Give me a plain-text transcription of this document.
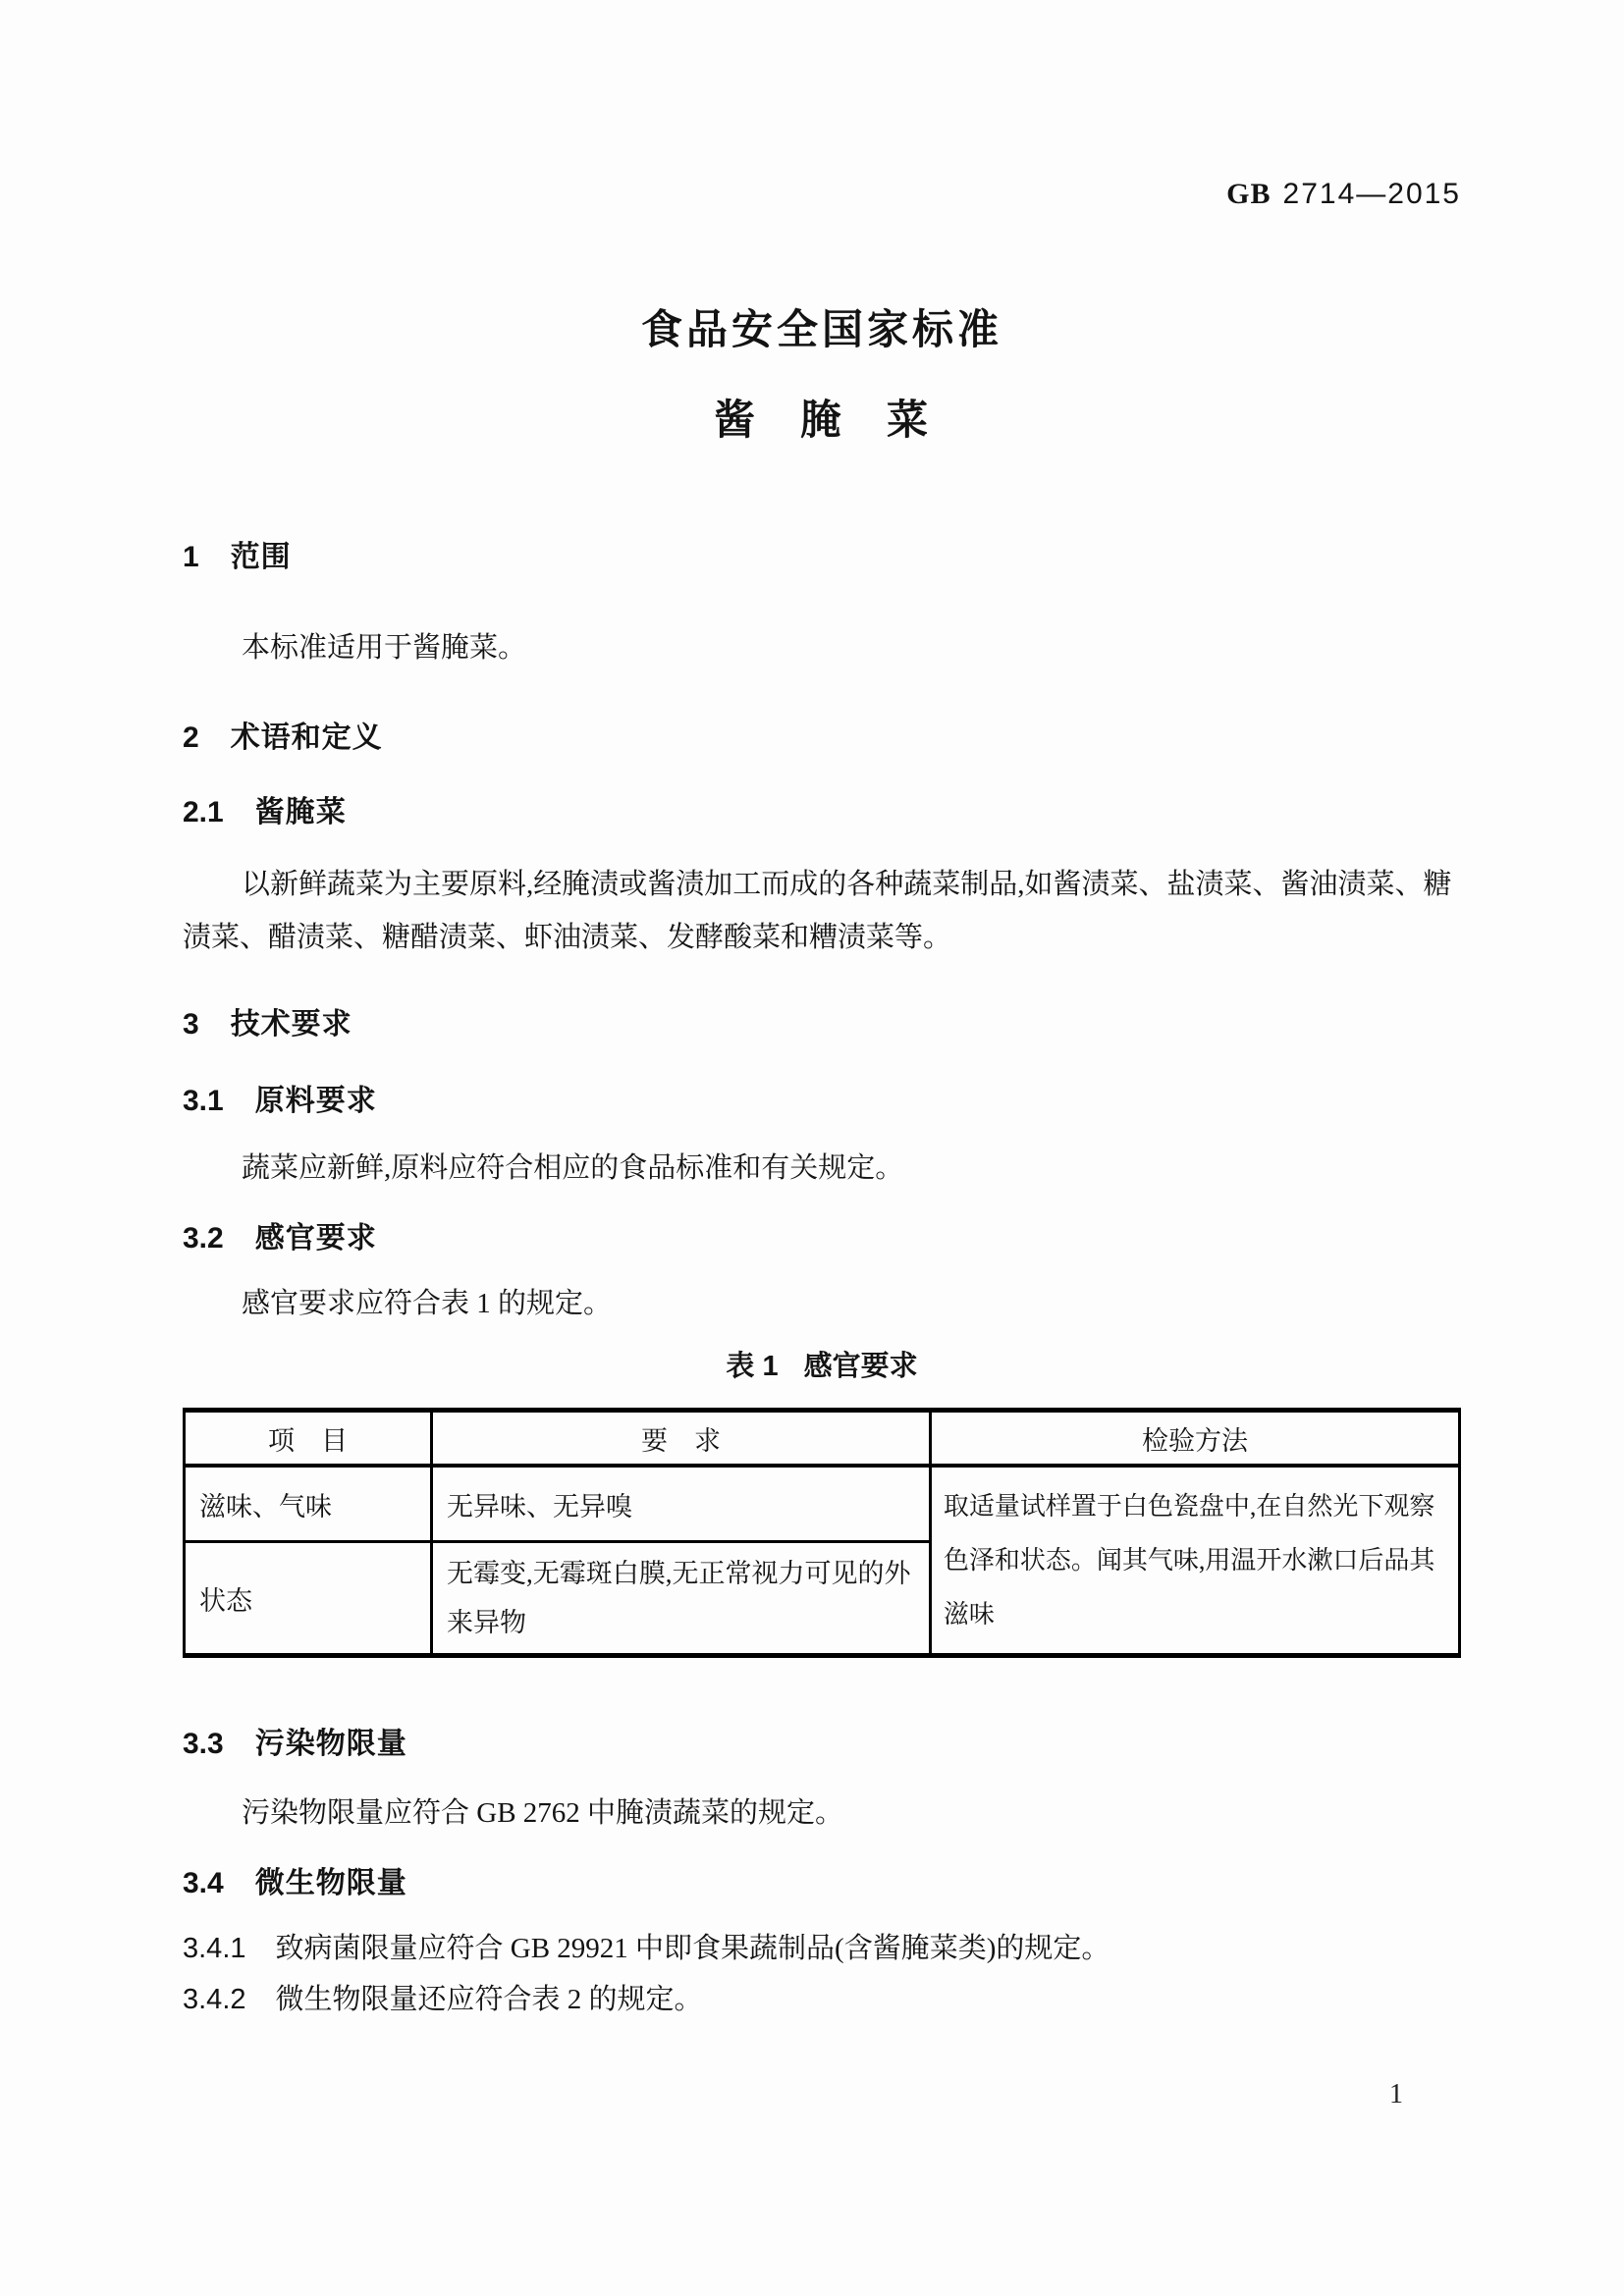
GB 2714—2015
食品安全国家标准
酱　腌　菜
1 范围
本标准适用于酱腌菜。
2 术语和定义
2.1 酱腌菜
以新鲜蔬菜为主要原料,经腌渍或酱渍加工而成的各种蔬菜制品,如酱渍菜、盐渍菜、酱油渍菜、糖渍菜、醋渍菜、糖醋渍菜、虾油渍菜、发酵酸菜和糟渍菜等。
3 技术要求
3.1 原料要求
蔬菜应新鲜,原料应符合相应的食品标准和有关规定。
3.2 感官要求
感官要求应符合表 1 的规定。
表 1 感官要求
项　目	要　求	检验方法
滋味、气味	无异味、无异嗅	取适量试样置于白色瓷盘中,在自然光下观察色泽和状态。闻其气味,用温开水漱口后品其滋味
状态	无霉变,无霉斑白膜,无正常视力可见的外来异物	
3.3 污染物限量
污染物限量应符合 GB 2762 中腌渍蔬菜的规定。
3.4 微生物限量
3.4.1 致病菌限量应符合 GB 29921 中即食果蔬制品(含酱腌菜类)的规定。
3.4.2 微生物限量还应符合表 2 的规定。
1
